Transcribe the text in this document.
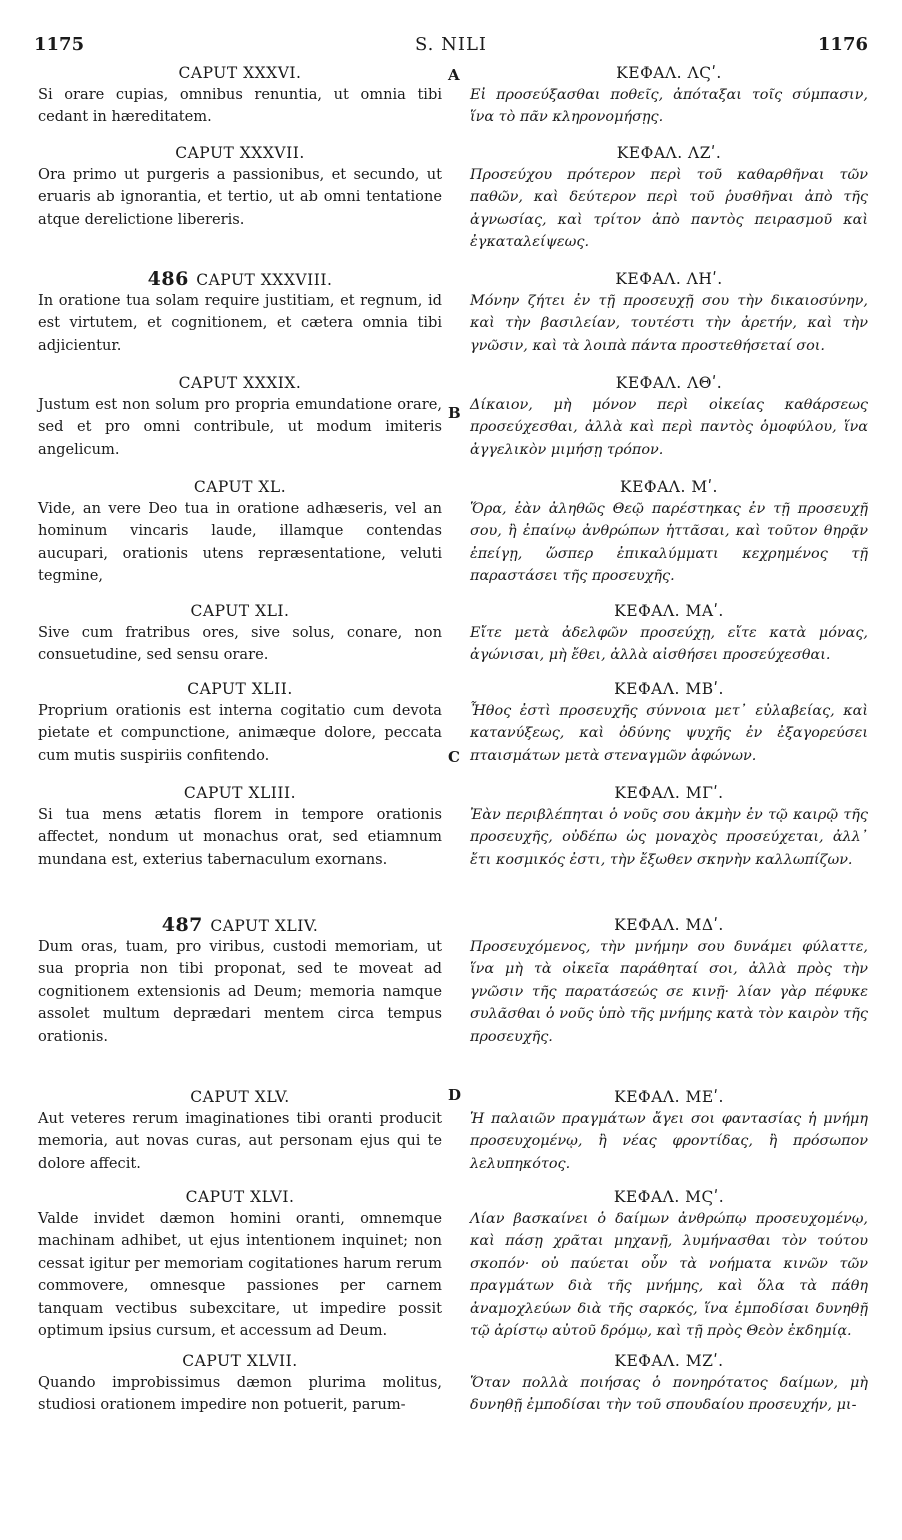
1175	S. NILI	1176
A
B
C
D
CAPUT XXXVI.
Si orare cupias, omnibus renuntia, ut omnia tibi cedant in hæreditatem.
CAPUT XXXVII.
Ora primo ut purgeris a passionibus, et secundo, ut eruaris ab ignorantia, et tertio, ut ab omni tentatione atque derelictione libereris.
486 CAPUT XXXVIII.
In oratione tua solam require justitiam, et regnum, id est virtutem, et cognitionem, et cætera omnia tibi adjicientur.
CAPUT XXXIX.
Justum est non solum pro propria emundatione orare, sed et pro omni contribule, ut modum imiteris angelicum.
CAPUT XL.
Vide, an vere Deo tua in oratione adhæseris, vel an hominum vincaris laude, illamque contendas aucupari, orationis utens repræsentatione, veluti tegmine,
CAPUT XLI.
Sive cum fratribus ores, sive solus, conare, non consuetudine, sed sensu orare.
CAPUT XLII.
Proprium orationis est interna cogitatio cum devota pietate et compunctione, animæque dolore, peccata cum mutis suspiriis confitendo.
CAPUT XLIII.
Si tua mens ætatis florem in tempore orationis affectet, nondum ut monachus orat, sed etiamnum mundana est, exterius tabernaculum exornans.
487 CAPUT XLIV.
Dum oras, tuam, pro viribus, custodi memoriam, ut sua propria non tibi proponat, sed te moveat ad cognitionem extensionis ad Deum; memoria namque assolet multum deprædari mentem circa tempus orationis.
CAPUT XLV.
Aut veteres rerum imaginationes tibi oranti producit memoria, aut novas curas, aut personam ejus qui te dolore affecit.
CAPUT XLVI.
Valde invidet dæmon homini oranti, omnemque machinam adhibet, ut ejus intentionem inquinet; non cessat igitur per memoriam cogitationes harum rerum commovere, omnesque passiones per carnem tanquam vectibus subexcitare, ut impedire possit optimum ipsius cursum, et accessum ad Deum.
CAPUT XLVII.
Quando improbissimus dæmon plurima molitus, studiosi orationem impedire non potuerit, parum-
ΚΕΦΑΛ. ΛϚʹ.
Εἰ προσεύξασθαι ποθεῖς, ἀπόταξαι τοῖς σύμπασιν, ἵνα τὸ πᾶν κληρονομήσῃς.
ΚΕΦΑΛ. ΛΖʹ.
Προσεύχου πρότερον περὶ τοῦ καθαρθῆναι τῶν παθῶν, καὶ δεύτερον περὶ τοῦ ῥυσθῆναι ἀπὸ τῆς ἀγνωσίας, καὶ τρίτον ἀπὸ παντὸς πειρασμοῦ καὶ ἐγκαταλείψεως.
ΚΕΦΑΛ. ΛΗʹ.
Μόνην ζήτει ἐν τῇ προσευχῇ σου τὴν δικαιοσύνην, καὶ τὴν βασιλείαν, τουτέστι τὴν ἀρετήν, καὶ τὴν γνῶσιν, καὶ τὰ λοιπὰ πάντα προστεθήσεταί σοι.
ΚΕΦΑΛ. ΛΘʹ.
Δίκαιον, μὴ μόνον περὶ οἰκείας καθάρσεως προσεύχεσθαι, ἀλλὰ καὶ περὶ παντὸς ὁμοφύλου, ἵνα ἀγγελικὸν μιμήσῃ τρόπον.
ΚΕΦΑΛ. Μʹ.
Ὅρα, ἐὰν ἀληθῶς Θεῷ παρέστηκας ἐν τῇ προσευχῇ σου, ἢ ἐπαίνῳ ἀνθρώπων ἡττᾶσαι, καὶ τοῦτον θηρᾷν ἐπείγῃ, ὥσπερ ἐπικαλύμματι κεχρημένος τῇ παραστάσει τῆς προσευχῆς.
ΚΕΦΑΛ. ΜΑʹ.
Εἴτε μετὰ ἀδελφῶν προσεύχῃ, εἴτε κατὰ μόνας, ἀγώνισαι, μὴ ἔθει, ἀλλὰ αἰσθήσει προσεύχεσθαι.
ΚΕΦΑΛ. ΜΒʹ.
Ἦθος ἐστὶ προσευχῆς σύννοια μετ᾽ εὐλαβείας, καὶ κατανύξεως, καὶ ὀδύνης ψυχῆς ἐν ἐξαγορεύσει πταισμάτων μετὰ στεναγμῶν ἀφώνων.
ΚΕΦΑΛ. ΜΓʹ.
Ἐὰν περιβλέπηται ὁ νοῦς σου ἀκμὴν ἐν τῷ καιρῷ τῆς προσευχῆς, οὐδέπω ὡς μοναχὸς προσεύχεται, ἀλλ᾽ ἔτι κοσμικός ἐστι, τὴν ἔξωθεν σκηνὴν καλλωπίζων.
ΚΕΦΑΛ. ΜΔʹ.
Προσευχόμενος, τὴν μνήμην σου δυνάμει φύλαττε, ἵνα μὴ τὰ οἰκεῖα παράθηταί σοι, ἀλλὰ πρὸς τὴν γνῶσιν τῆς παρατάσεώς σε κινῇ· λίαν γὰρ πέφυκε συλᾶσθαι ὁ νοῦς ὑπὸ τῆς μνήμης κατὰ τὸν καιρὸν τῆς προσευχῆς.
ΚΕΦΑΛ. ΜΕʹ.
Ἡ παλαιῶν πραγμάτων ἄγει σοι φαντασίας ἡ μνήμη προσευχομένῳ, ἢ νέας φροντίδας, ἢ πρόσωπον λελυπηκότος.
ΚΕΦΑΛ. ΜϚʹ.
Λίαν βασκαίνει ὁ δαίμων ἀνθρώπῳ προσευχομένῳ, καὶ πάσῃ χρᾶται μηχανῇ, λυμήνασθαι τὸν τούτου σκοπόν· οὐ παύεται οὖν τὰ νοήματα κινῶν τῶν πραγμάτων διὰ τῆς μνήμης, καὶ ὅλα τὰ πάθη ἀναμοχλεύων διὰ τῆς σαρκός, ἵνα ἐμποδίσαι δυνηθῇ τῷ ἀρίστῳ αὐτοῦ δρόμῳ, καὶ τῇ πρὸς Θεὸν ἐκδημίᾳ.
ΚΕΦΑΛ. ΜΖʹ.
Ὅταν πολλὰ ποιήσας ὁ πονηρότατος δαίμων, μὴ δυνηθῇ ἐμποδίσαι τὴν τοῦ σπουδαίου προσευχήν, μι-
